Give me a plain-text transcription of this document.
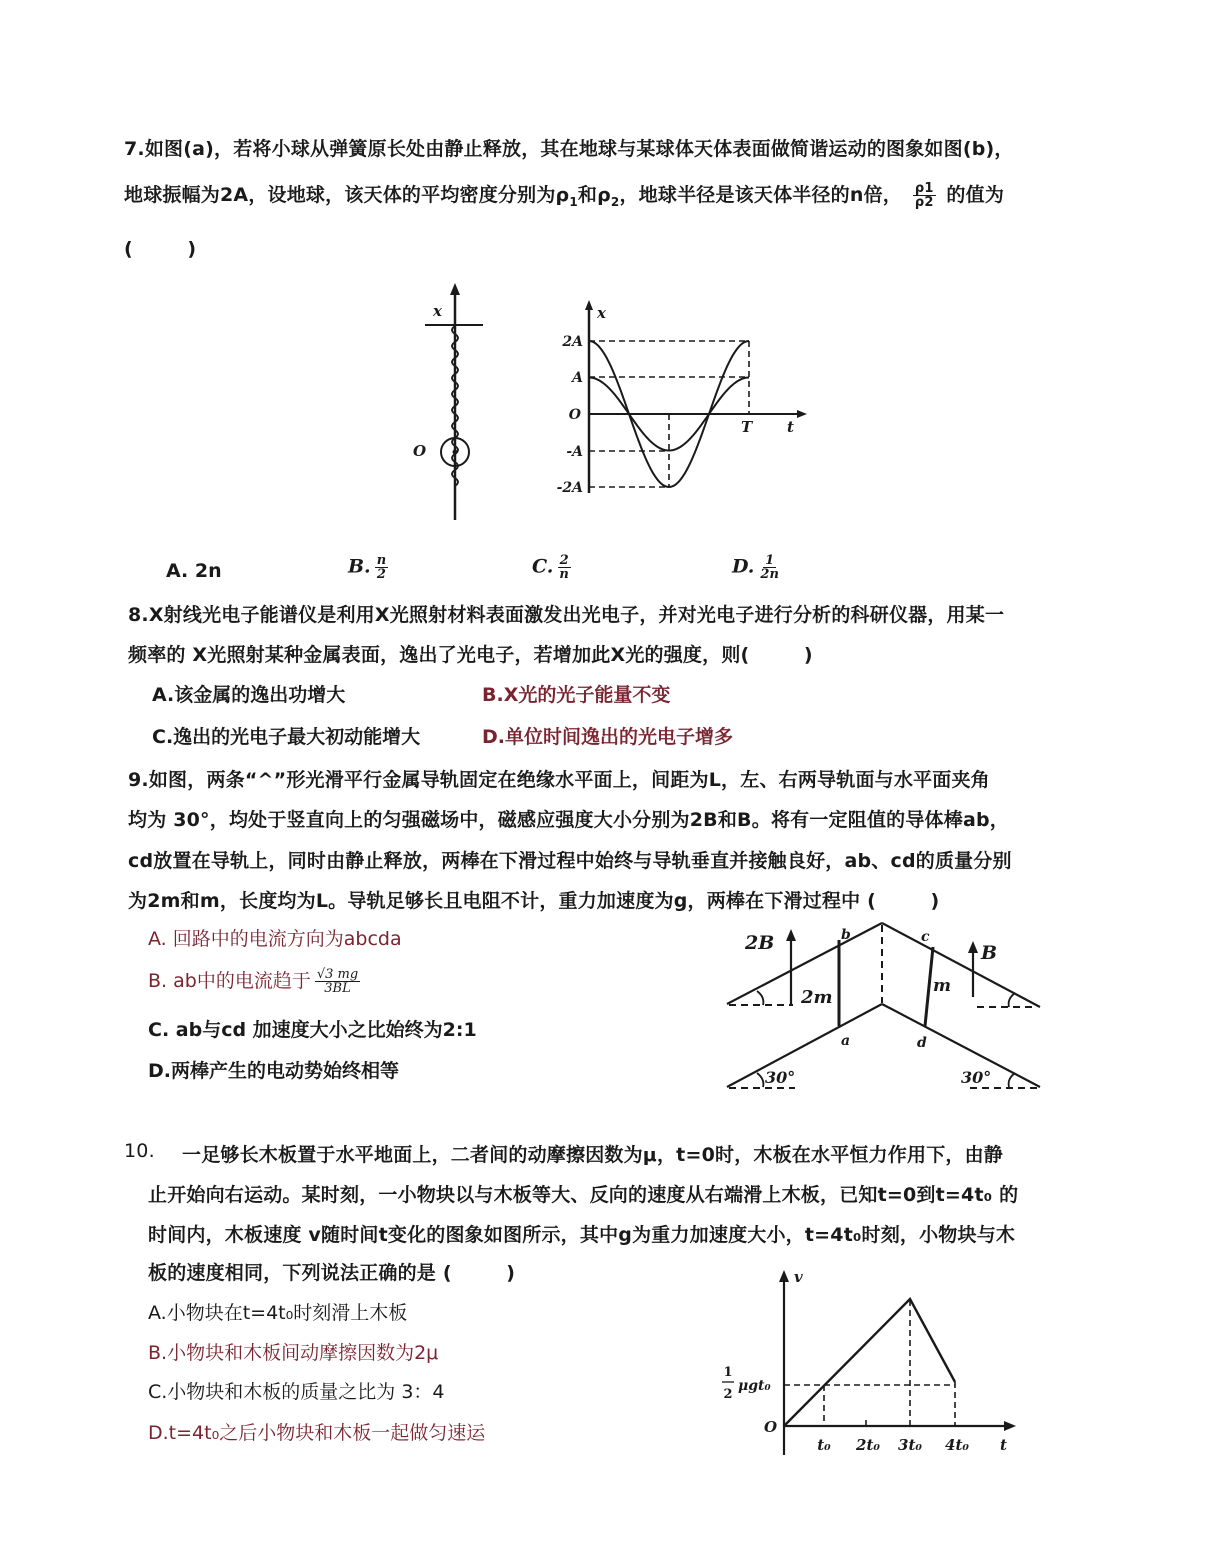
7.如图(a)，若将小球从弹簧原长处由静止释放，其在地球与某球体天体表面做简谐运动的图象如图(b)，
地球振幅为2A，设地球，该天体的平均密度分别为$\rho_1$和$\rho_2$，地球半径是该天体半径的n倍， $\frac{\rho 1}{\rho 2}$ 的值为
(        )
x
O
x
t
T
2A
A
O
-A
-2A
A. 2n	B. $\frac{n}{2}$	C. $\frac{2}{n}$	D. $\frac{1}{2n}$
8.X射线光电子能谱仪是利用X光照射材料表面激发出光电子，并对光电子进行分析的科研仪器，用某一
频率的 X光照射某种金属表面，逸出了光电子，若增加此X光的强度，则(        )
A.该金属的逸出功增大	B.X光的光子能量不变
C.逸出的光电子最大初动能增大	D.单位时间逸出的光电子增多
9.如图，两条“^”形光滑平行金属导轨固定在绝缘水平面上，间距为L，左、右两导轨面与水平面夹角
均为 30°，均处于竖直向上的匀强磁场中，磁感应强度大小分别为2B和B。将有一定阻值的导体棒ab，
cd放置在导轨上，同时由静止释放，两棒在下滑过程中始终与导轨垂直并接触良好，ab、cd的质量分别
为2m和m，长度均为L。导轨足够长且电阻不计，重力加速度为g，两棒在下滑过程中 (        )
A. 回路中的电流方向为abcda
B. ab中的电流趋于 $\frac{√3 mg}{3BL}$
C. ab与cd 加速度大小之比始终为2:1
D.两棒产生的电动势始终相等
2B	B
2m
m
a
b	c
d
30°	30°
10. 一足够长木板置于水平地面上，二者间的动摩擦因数为μ，t=0时，木板在水平恒力作用下，由静
止开始向右运动。某时刻，一小物块以与木板等大、反向的速度从右端滑上木板，已知t=0到t=4t₀ 的
时间内，木板速度 v随时间t变化的图象如图所示，其中g为重力加速度大小，t=4t₀时刻，小物块与木
板的速度相同，下列说法正确的是 (        )
A.小物块在t=4t₀时刻滑上木板
B.小物块和木板间动摩擦因数为2μ
C.小物块和木板的质量之比为 3：4
D.t=4t₀之后小物块和木板一起做匀速运
v
t
O
1
2
μgt₀
t₀ 2t₀ 3t₀ 4t₀
